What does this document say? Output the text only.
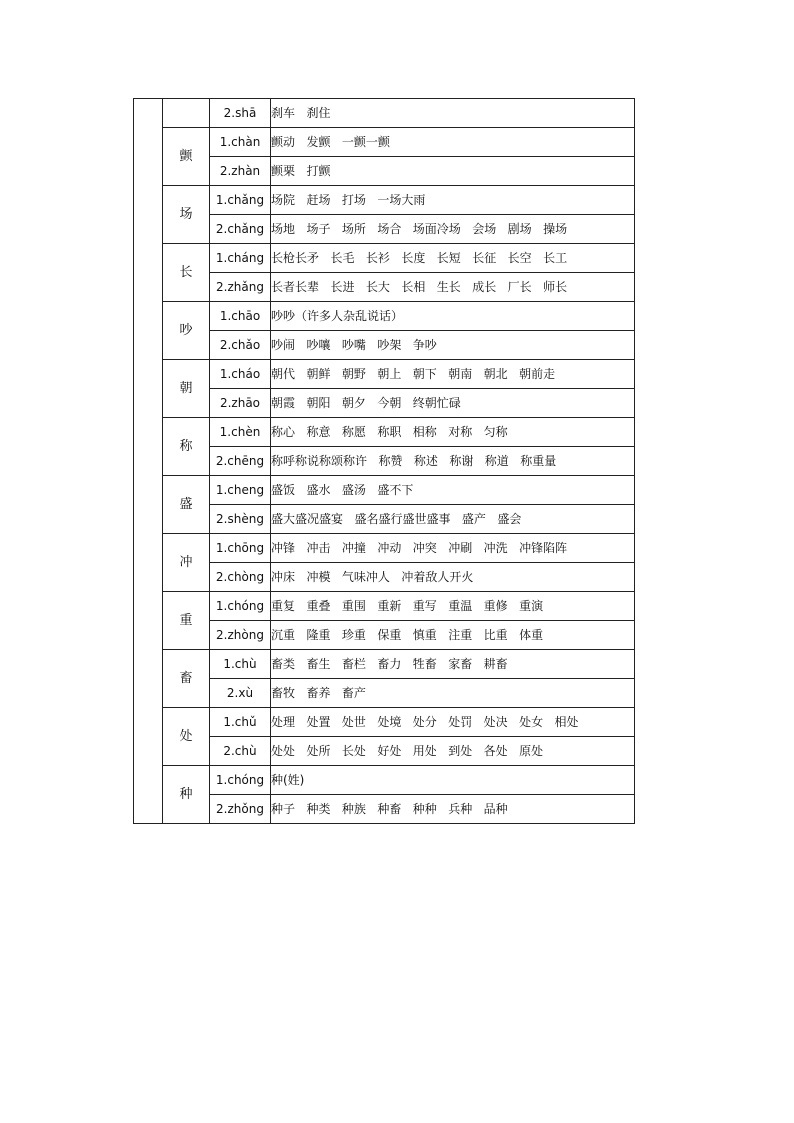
		2.shā	刹车   刹住
	颤	1.chàn	颤动   发颤   一颤一颤
		2.zhàn	颤栗   打颤
	场	1.chǎng	场院   赶场   打场   一场大雨
		2.chǎng	场地   场子   场所   场合   场面冷场   会场   剧场   操场
	长	1.cháng	长枪长矛   长毛   长衫   长度   长短   长征   长空   长工
		2.zhǎng	长者长辈   长进   长大   长相   生长   成长   厂长   师长
	吵	1.chāo	吵吵（许多人杂乱说话）
		2.chǎo	吵闹   吵嚷   吵嘴   吵架   争吵
	朝	1.cháo	朝代   朝鲜   朝野   朝上   朝下   朝南   朝北   朝前走
		2.zhāo	朝霞   朝阳   朝夕   今朝   终朝忙碌
	称	1.chèn	称心   称意   称愿   称职   相称   对称   匀称
		2.chēng	称呼称说称颂称许   称赞   称述   称谢   称道   称重量
	盛	1.cheng	盛饭   盛水   盛汤   盛不下
		2.shèng	盛大盛况盛宴   盛名盛行盛世盛事   盛产   盛会
	冲	1.chōng	冲锋   冲击   冲撞   冲动   冲突   冲刷   冲洗   冲锋陷阵
		2.chòng	冲床   冲模   气味冲人   冲着敌人开火
	重	1.chóng	重复   重叠   重围   重新   重写   重温   重修   重演
		2.zhòng	沉重   隆重   珍重   保重   慎重   注重   比重   体重
	畜	1.chù	畜类   畜生   畜栏   畜力   牲畜   家畜   耕畜
		2.xù	畜牧   畜养   畜产
	处	1.chǔ	处理   处置   处世   处境   处分   处罚   处决   处女   相处
		2.chù	处处   处所   长处   好处   用处   到处   各处   原处
	种	1.chóng	种(姓)
		2.zhǒng	种子   种类   种族   种畜   种种   兵种   品种
